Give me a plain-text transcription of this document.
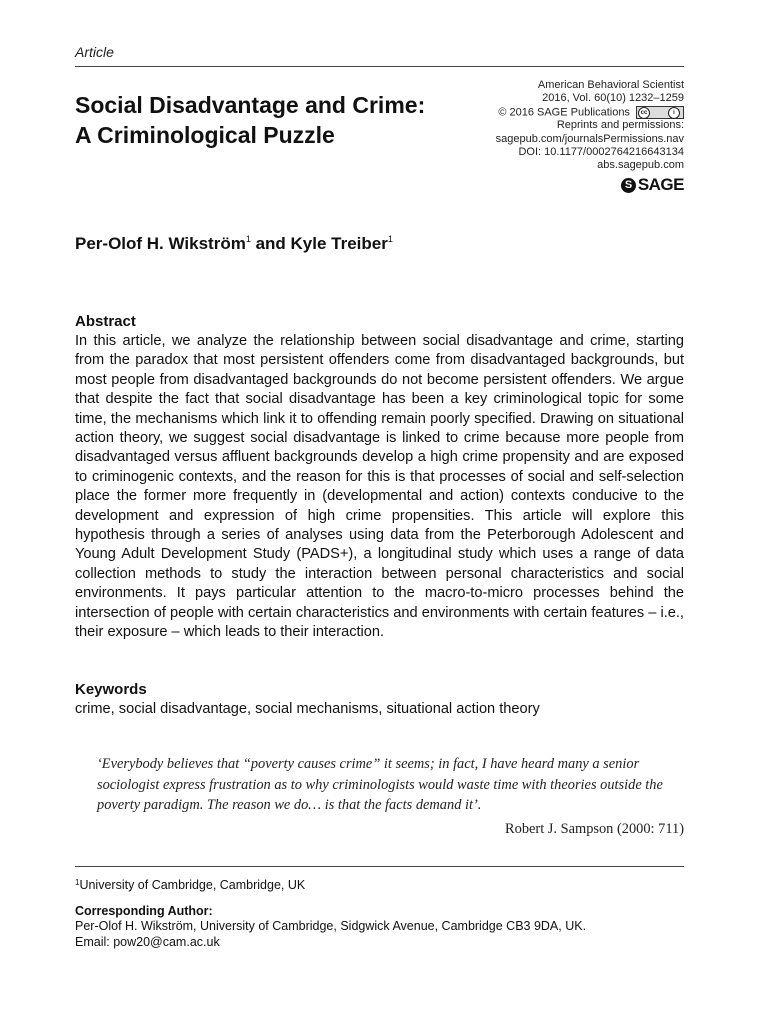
Article
Social Disadvantage and Crime: A Criminological Puzzle
American Behavioral Scientist
2016, Vol. 60(10) 1232–1259
© 2016 SAGE Publications	cc	i
Reprints and permissions:
sagepub.com/journalsPermissions.nav
DOI: 10.1177/0002764216643134
abs.sagepub.com
S SAGE
Per-Olof H. Wikström$^1$ and Kyle Treiber$^1$
Abstract

In this article, we analyze the relationship between social disadvantage and crime, starting from the paradox that most persistent offenders come from disadvantaged backgrounds, but most people from disadvantaged backgrounds do not become persistent offenders. We argue that despite the fact that social disadvantage has been a key criminological topic for some time, the mechanisms which link it to offending remain poorly specified. Drawing on situational action theory, we suggest social disadvantage is linked to crime because more people from disadvantaged versus affluent backgrounds develop a high crime propensity and are exposed to criminogenic contexts, and the reason for this is that processes of social and self-selection place the former more frequently in (developmental and action) contexts conducive to the development and expression of high crime propensities. This article will explore this hypothesis through a series of analyses using data from the Peterborough Adolescent and Young Adult Development Study (PADS+), a longitudinal study which uses a range of data collection methods to study the interaction between personal characteristics and social environments. It pays particular attention to the macro-to-micro processes behind the intersection of people with certain characteristics and environments with certain features – i.e., their exposure – which leads to their interaction.

Keywords

crime, social disadvantage, social mechanisms, situational action theory

‘Everybody believes that “poverty causes crime” it seems; in fact, I have heard many a senior sociologist express frustration as to why criminologists would waste time with theories outside the poverty paradigm. The reason we do… is that the facts demand it’.

Robert J. Sampson (2000: 711)
$^1$University of Cambridge, Cambridge, UK
Corresponding Author:
Per-Olof H. Wikström, University of Cambridge, Sidgwick Avenue, Cambridge CB3 9DA, UK.
Email: pow20@cam.ac.uk
